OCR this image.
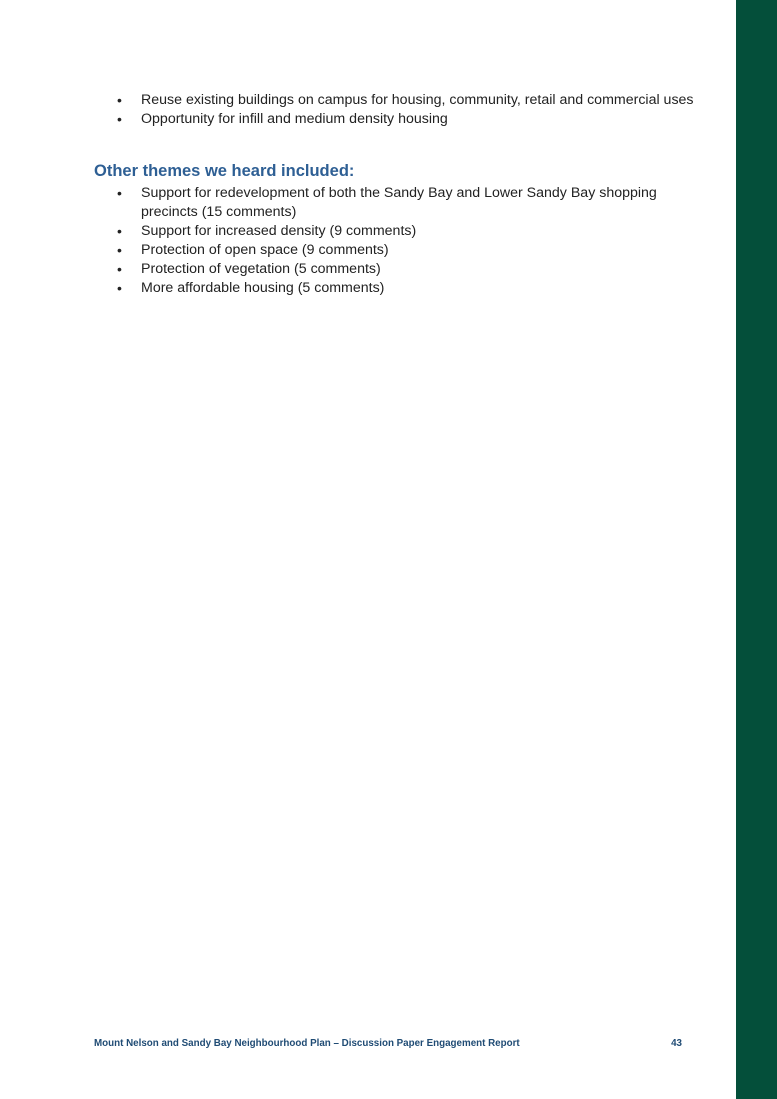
• Reuse existing buildings on campus for housing, community, retail and commercial uses
• Opportunity for infill and medium density housing
Other themes we heard included:
• Support for redevelopment of both the Sandy Bay and Lower Sandy Bay shopping precincts (15 comments)
• Support for increased density (9 comments)
• Protection of open space (9 comments)
• Protection of vegetation (5 comments)
• More affordable housing (5 comments)
Mount Nelson and Sandy Bay Neighbourhood Plan – Discussion Paper Engagement Report	43
